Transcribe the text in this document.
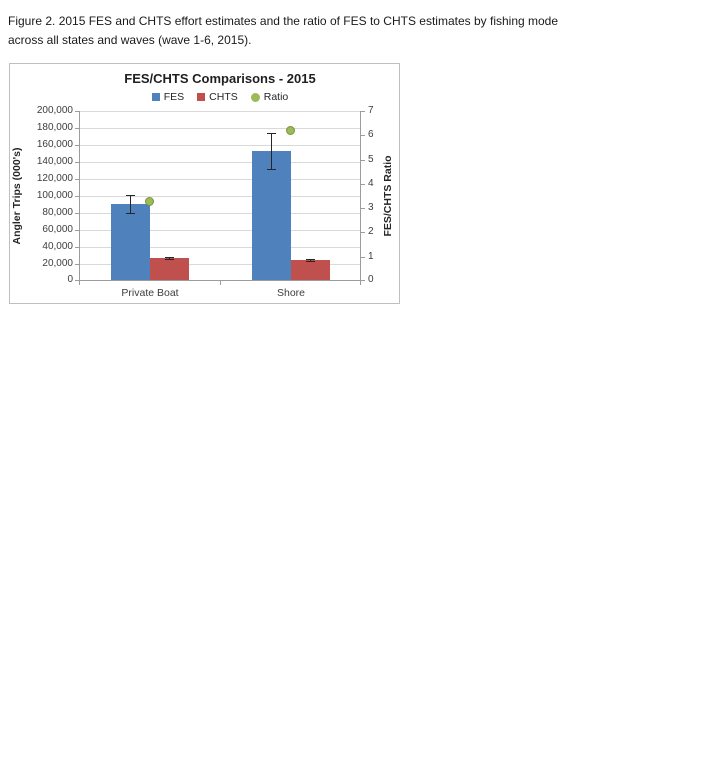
Figure 2. 2015 FES and CHTS effort estimates and the ratio of FES to CHTS estimates by fishing mode
across all states and waves (wave 1-6, 2015).
FES/CHTS Comparisons - 2015
FES CHTS Ratio
Angler Trips (000's)	FES/CHTS Ratio
Private Boat	Shore
0
20,000
40,000
60,000
80,000
100,000
120,000
140,000
160,000
180,000
200,000
0
1
2
3
4
5
6
7
